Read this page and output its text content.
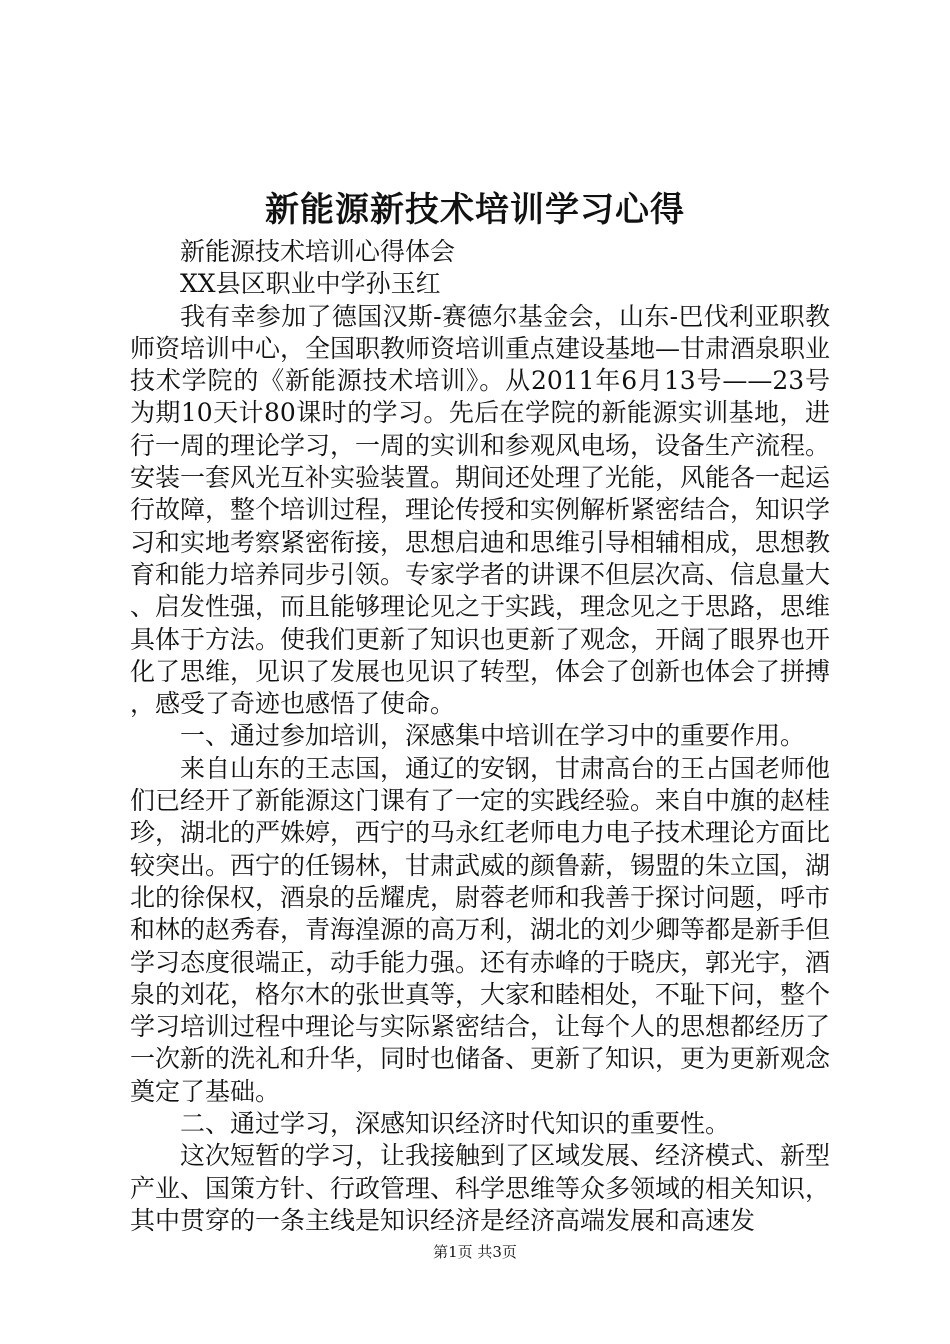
新能源新技术培训学习心得

新能源技术培训心得体会

XX县区职业中学孙玉红

我有幸参加了德国汉斯-赛德尔基金会，山东-巴伐利亚职教师资培训中心，全国职教师资培训重点建设基地—甘肃酒泉职业技术学院的《新能源技术培训》。从2011年6月13号——23号为期10天计80课时的学习。先后在学院的新能源实训基地，进行一周的理论学习，一周的实训和参观风电场，设备生产流程。安装一套风光互补实验装置。期间还处理了光能，风能各一起运行故障，整个培训过程，理论传授和实例解析紧密结合，知识学习和实地考察紧密衔接，思想启迪和思维引导相辅相成，思想教育和能力培养同步引领。专家学者的讲课不但层次高、信息量大、启发性强，而且能够理论见之于实践，理念见之于思路，思维具体于方法。使我们更新了知识也更新了观念，开阔了眼界也开化了思维，见识了发展也见识了转型，体会了创新也体会了拼搏，感受了奇迹也感悟了使命。

一、通过参加培训，深感集中培训在学习中的重要作用。

来自山东的王志国，通辽的安钢，甘肃高台的王占国老师他们已经开了新能源这门课有了一定的实践经验。来自中旗的赵桂珍，湖北的严姝婷，西宁的马永红老师电力电子技术理论方面比较突出。西宁的任锡林，甘肃武威的颜鲁薪，锡盟的朱立国，湖北的徐保权，酒泉的岳耀虎，尉蓉老师和我善于探讨问题，呼市和林的赵秀春，青海湟源的高万利，湖北的刘少卿等都是新手但学习态度很端正，动手能力强。还有赤峰的于晓庆，郭光宇，酒泉的刘花，格尔木的张世真等，大家和睦相处，不耻下问，整个学习培训过程中理论与实际紧密结合，让每个人的思想都经历了一次新的洗礼和升华，同时也储备、更新了知识，更为更新观念奠定了基础。

二、通过学习，深感知识经济时代知识的重要性。

这次短暂的学习，让我接触到了区域发展、经济模式、新型产业、国策方针、行政管理、科学思维等众多领域的相关知识，其中贯穿的一条主线是知识经济是经济高端发展和高速发

第1页 共3页
